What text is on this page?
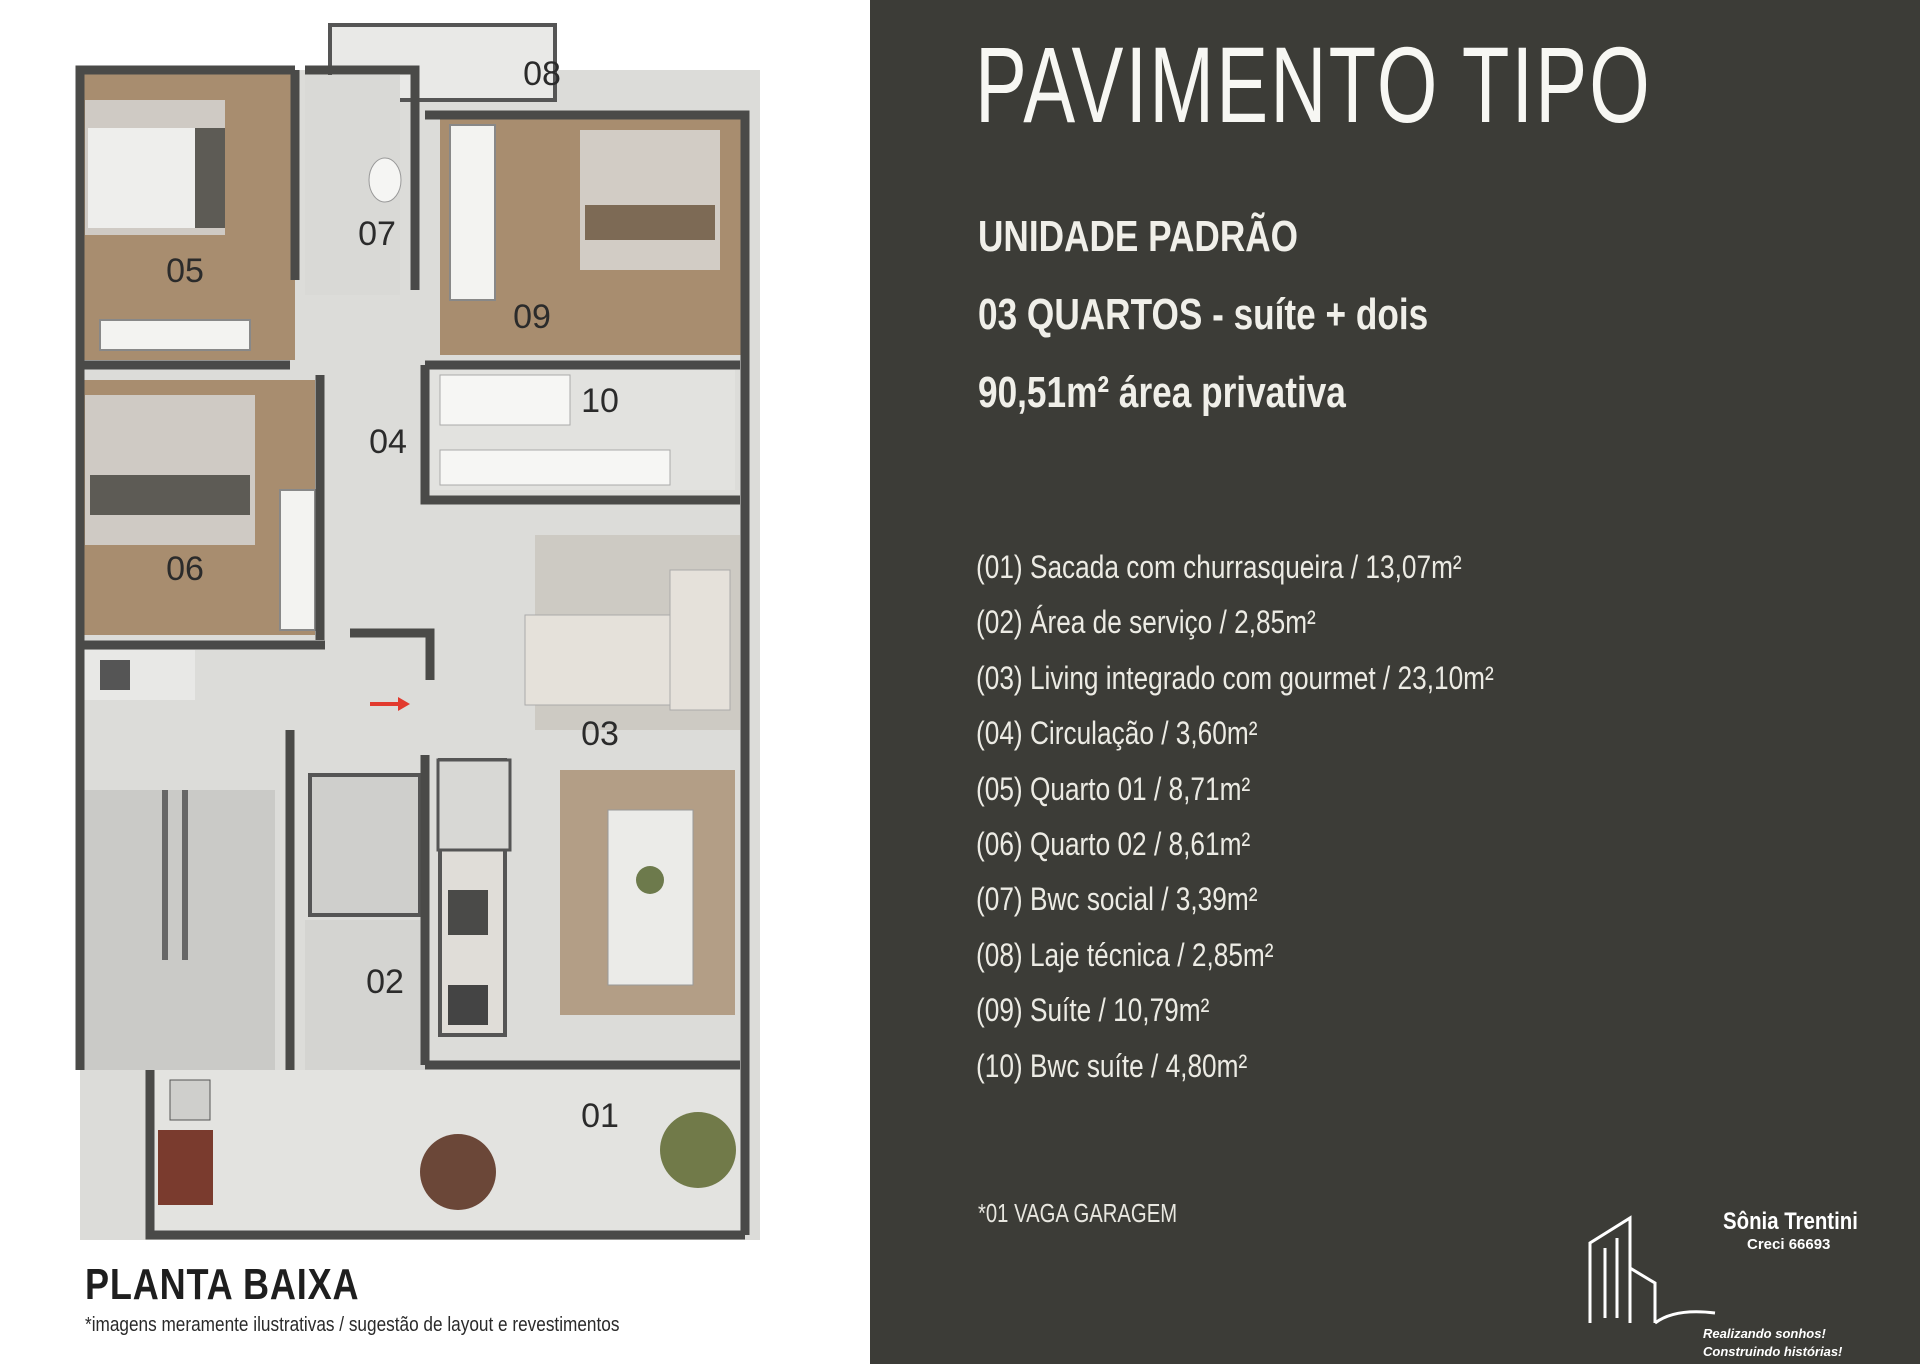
08
05
07
09
10
04
06
03
02
01
PLANTA BAIXA
*imagens meramente ilustrativas / sugestão de layout e revestimentos
PAVIMENTO TIPO
UNIDADE PADRÃO
03 QUARTOS - suíte + dois
90,51m² área privativa
(01) Sacada com churrasqueira / 13,07m²
(02) Área de serviço / 2,85m²
(03) Living integrado com gourmet / 23,10m²
(04) Circulação / 3,60m²
(05) Quarto 01 / 8,71m²
(06) Quarto 02 / 8,61m²
(07) Bwc social / 3,39m²
(08) Laje técnica / 2,85m²
(09) Suíte / 10,79m²
(10) Bwc suíte / 4,80m²
*01 VAGA GARAGEM	Sônia Trentini
Creci 66693
Realizando sonhos!
Construindo histórias!
